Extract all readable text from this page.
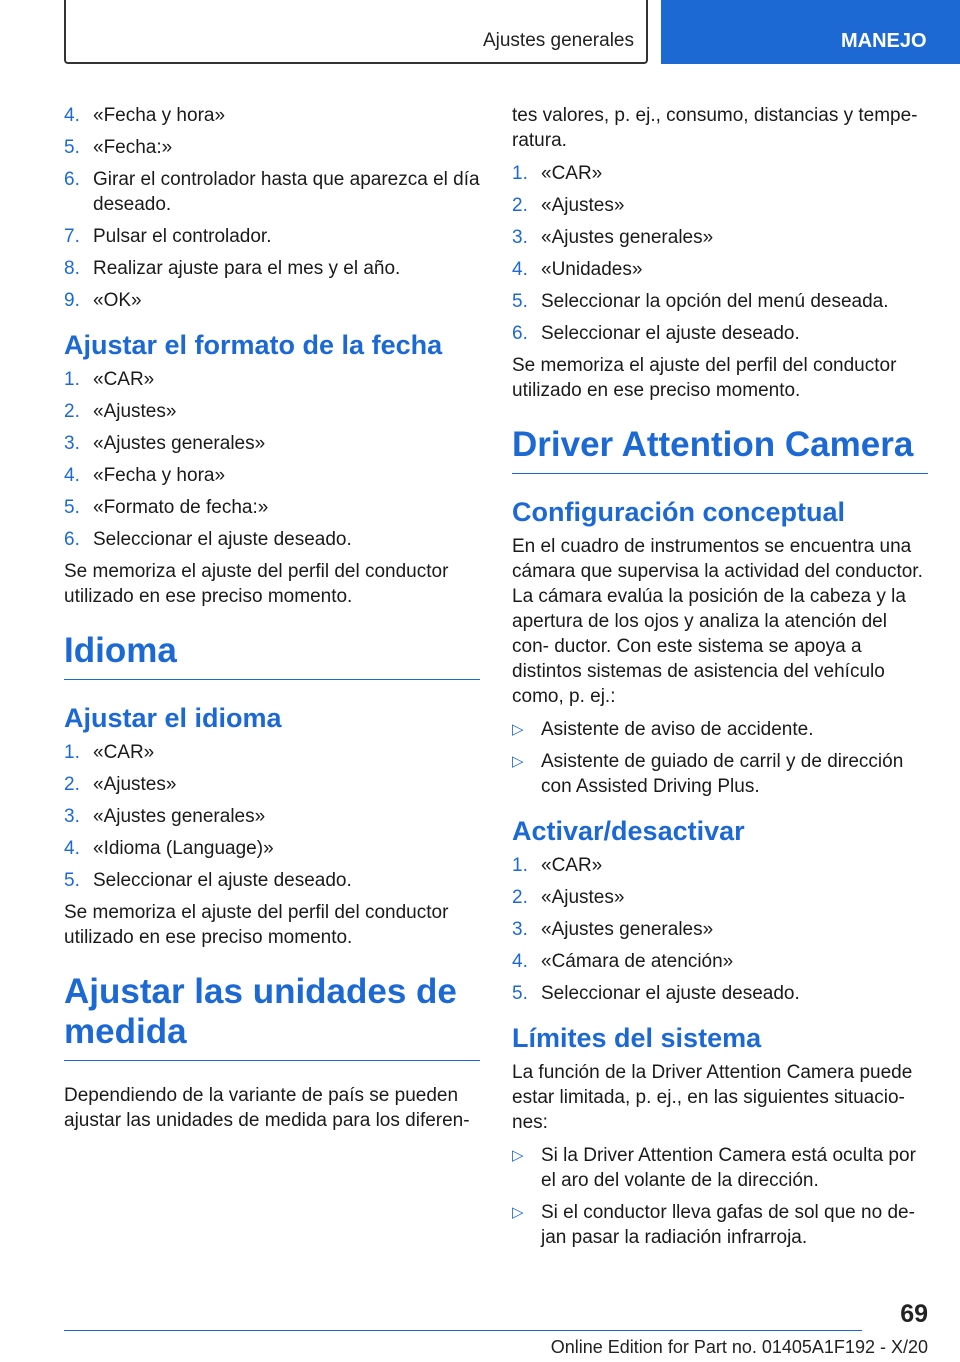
Ajustes generales	MANEJO
4. «Fecha y hora»
5. «Fecha:»
6. Girar el controlador hasta que aparezca el día deseado.
7. Pulsar el controlador.
8. Realizar ajuste para el mes y el año.
9. «OK»
Ajustar el formato de la fecha
1. «CAR»
2. «Ajustes»
3. «Ajustes generales»
4. «Fecha y hora»
5. «Formato de fecha:»
6. Seleccionar el ajuste deseado.
Se memoriza el ajuste del perfil del conductor utilizado en ese preciso momento.
Idioma
Ajustar el idioma
1. «CAR»
2. «Ajustes»
3. «Ajustes generales»
4. «Idioma (Language)»
5. Seleccionar el ajuste deseado.
Se memoriza el ajuste del perfil del conductor utilizado en ese preciso momento.
Ajustar las unidades de medida
Dependiendo de la variante de país se pueden ajustar las unidades de medida para los diferen-
tes valores, p. ej., consumo, distancias y tempe- ratura.
1. «CAR»
2. «Ajustes»
3. «Ajustes generales»
4. «Unidades»
5. Seleccionar la opción del menú deseada.
6. Seleccionar el ajuste deseado.
Se memoriza el ajuste del perfil del conductor utilizado en ese preciso momento.
Driver Attention Camera
Configuración conceptual
En el cuadro de instrumentos se encuentra una cámara que supervisa la actividad del conductor. La cámara evalúa la posición de la cabeza y la apertura de los ojos y analiza la atención del con- ductor. Con este sistema se apoya a distintos sistemas de asistencia del vehículo como, p. ej.:
▷ Asistente de aviso de accidente.
▷ Asistente de guiado de carril y de dirección con Assisted Driving Plus.
Activar/desactivar
1. «CAR»
2. «Ajustes»
3. «Ajustes generales»
4. «Cámara de atención»
5. Seleccionar el ajuste deseado.
Límites del sistema
La función de la Driver Attention Camera puede estar limitada, p. ej., en las siguientes situacio- nes:
▷ Si la Driver Attention Camera está oculta por el aro del volante de la dirección.
▷ Si el conductor lleva gafas de sol que no de- jan pasar la radiación infrarroja.
69
Online Edition for Part no. 01405A1F192 - X/20
